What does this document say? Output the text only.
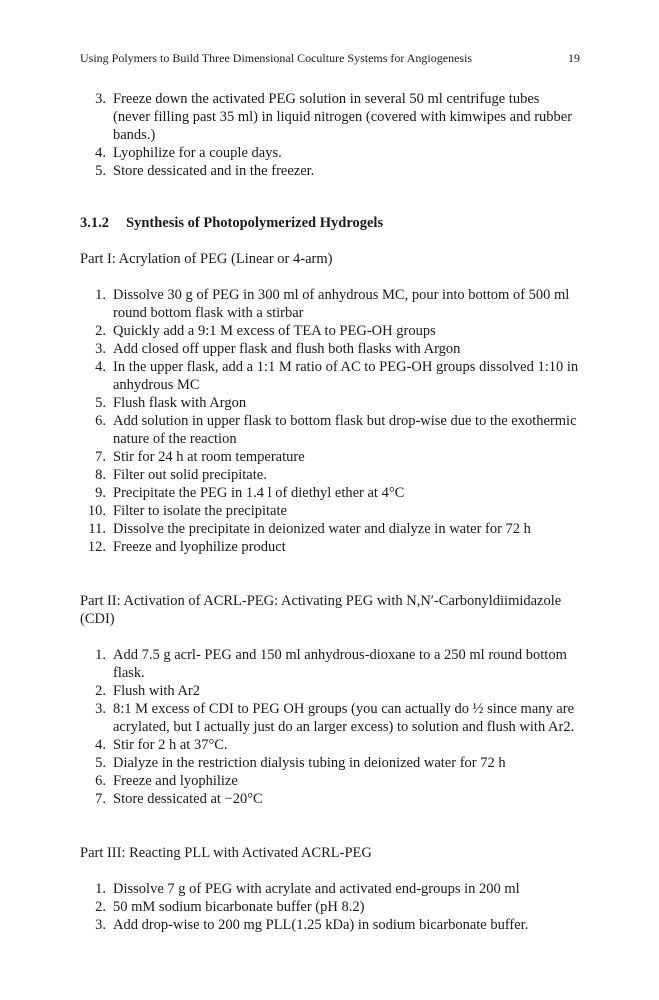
Using Polymers to Build Three Dimensional Coculture Systems for Angiogenesis	19
3. Freeze down the activated PEG solution in several 50 ml centrifuge tubes (never filling past 35 ml) in liquid nitrogen (covered with kimwipes and rubber bands.)
4. Lyophilize for a couple days.
5. Store dessicated and in the freezer.
3.1.2 Synthesis of Photopolymerized Hydrogels
Part I: Acrylation of PEG (Linear or 4-arm)
1. Dissolve 30 g of PEG in 300 ml of anhydrous MC, pour into bottom of 500 ml round bottom flask with a stirbar
2. Quickly add a 9:1 M excess of TEA to PEG-OH groups
3. Add closed off upper flask and flush both flasks with Argon
4. In the upper flask, add a 1:1 M ratio of AC to PEG-OH groups dissolved 1:10 in anhydrous MC
5. Flush flask with Argon
6. Add solution in upper flask to bottom flask but drop-wise due to the exothermic nature of the reaction
7. Stir for 24 h at room temperature
8. Filter out solid precipitate.
9. Precipitate the PEG in 1.4 l of diethyl ether at 4°C
10. Filter to isolate the precipitate
11. Dissolve the precipitate in deionized water and dialyze in water for 72 h
12. Freeze and lyophilize product
Part II: Activation of ACRL-PEG: Activating PEG with N,N′-Carbonyldiimidazole (CDI)
1. Add 7.5 g acrl- PEG and 150 ml anhydrous-dioxane to a 250 ml round bottom flask.
2. Flush with Ar2
3. 8:1 M excess of CDI to PEG OH groups (you can actually do ½ since many are acrylated, but I actually just do an larger excess) to solution and flush with Ar2.
4. Stir for 2 h at 37°C.
5. Dialyze in the restriction dialysis tubing in deionized water for 72 h
6. Freeze and lyophilize
7. Store dessicated at −20°C
Part III: Reacting PLL with Activated ACRL-PEG
1. Dissolve 7 g of PEG with acrylate and activated end-groups in 200 ml
2. 50 mM sodium bicarbonate buffer (pH 8.2)
3. Add drop-wise to 200 mg PLL(1.25 kDa) in sodium bicarbonate buffer.
